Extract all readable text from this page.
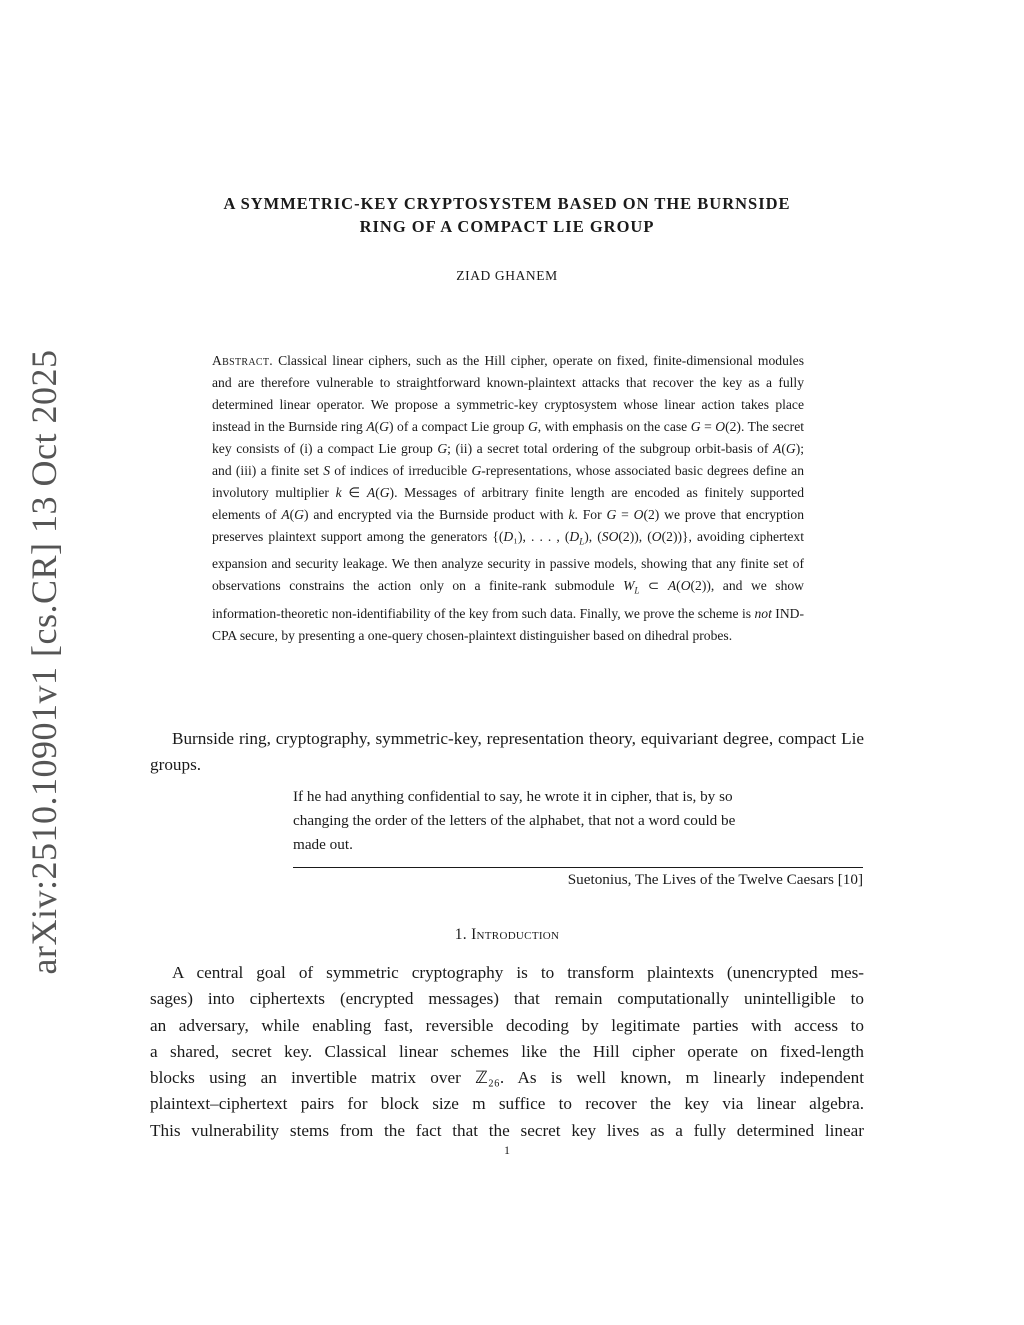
arXiv:2510.10901v1 [cs.CR] 13 Oct 2025
A SYMMETRIC-KEY CRYPTOSYSTEM BASED ON THE BURNSIDE
RING OF A COMPACT LIE GROUP
ZIAD GHANEM
Abstract. Classical linear ciphers, such as the Hill cipher, operate on fixed, finite-dimensional modules and are therefore vulnerable to straightforward known-plaintext attacks that recover the key as a fully determined linear operator. We propose a symmetric-key cryptosystem whose linear action takes place instead in the Burnside ring A(G) of a compact Lie group G, with emphasis on the case G = O(2). The secret key consists of (i) a compact Lie group G; (ii) a secret total ordering of the subgroup orbit-basis of A(G); and (iii) a finite set S of indices of irreducible G-representations, whose associated basic degrees define an involutory multiplier k ∈ A(G). Messages of arbitrary finite length are encoded as finitely supported elements of A(G) and encrypted via the Burnside product with k. For G = O(2) we prove that encryption preserves plaintext support among the generators {(D₁), . . . , $(D_L)$, (SO(2)), (O(2))}, avoiding ciphertext expansion and security leakage. We then analyze security in passive models, showing that any finite set of observations constrains the action only on a finite-rank submodule $W_L$ ⊂ A(O(2)), and we show information-theoretic non-identifiability of the key from such data. Finally, we prove the scheme is not IND-CPA secure, by presenting a one-query chosen-plaintext distinguisher based on dihedral probes.
Burnside ring, cryptography, symmetric-key, representation theory, equivariant degree, compact Lie groups.
If he had anything confidential to say, he wrote it in cipher, that is, by so
changing the order of the letters of the alphabet, that not a word could be
made out.
Suetonius, The Lives of the Twelve Caesars [10]
1. Introduction
A central goal of symmetric cryptography is to transform plaintexts (unencrypted mes-
sages) into ciphertexts (encrypted messages) that remain computationally unintelligible to
an adversary, while enabling fast, reversible decoding by legitimate parties with access to
a shared, secret key. Classical linear schemes like the Hill cipher operate on fixed-length
blocks using an invertible matrix over ℤ₂₆. As is well known, m linearly independent
plaintext–ciphertext pairs for block size m suffice to recover the key via linear algebra.
This vulnerability stems from the fact that the secret key lives as a fully determined linear
1
